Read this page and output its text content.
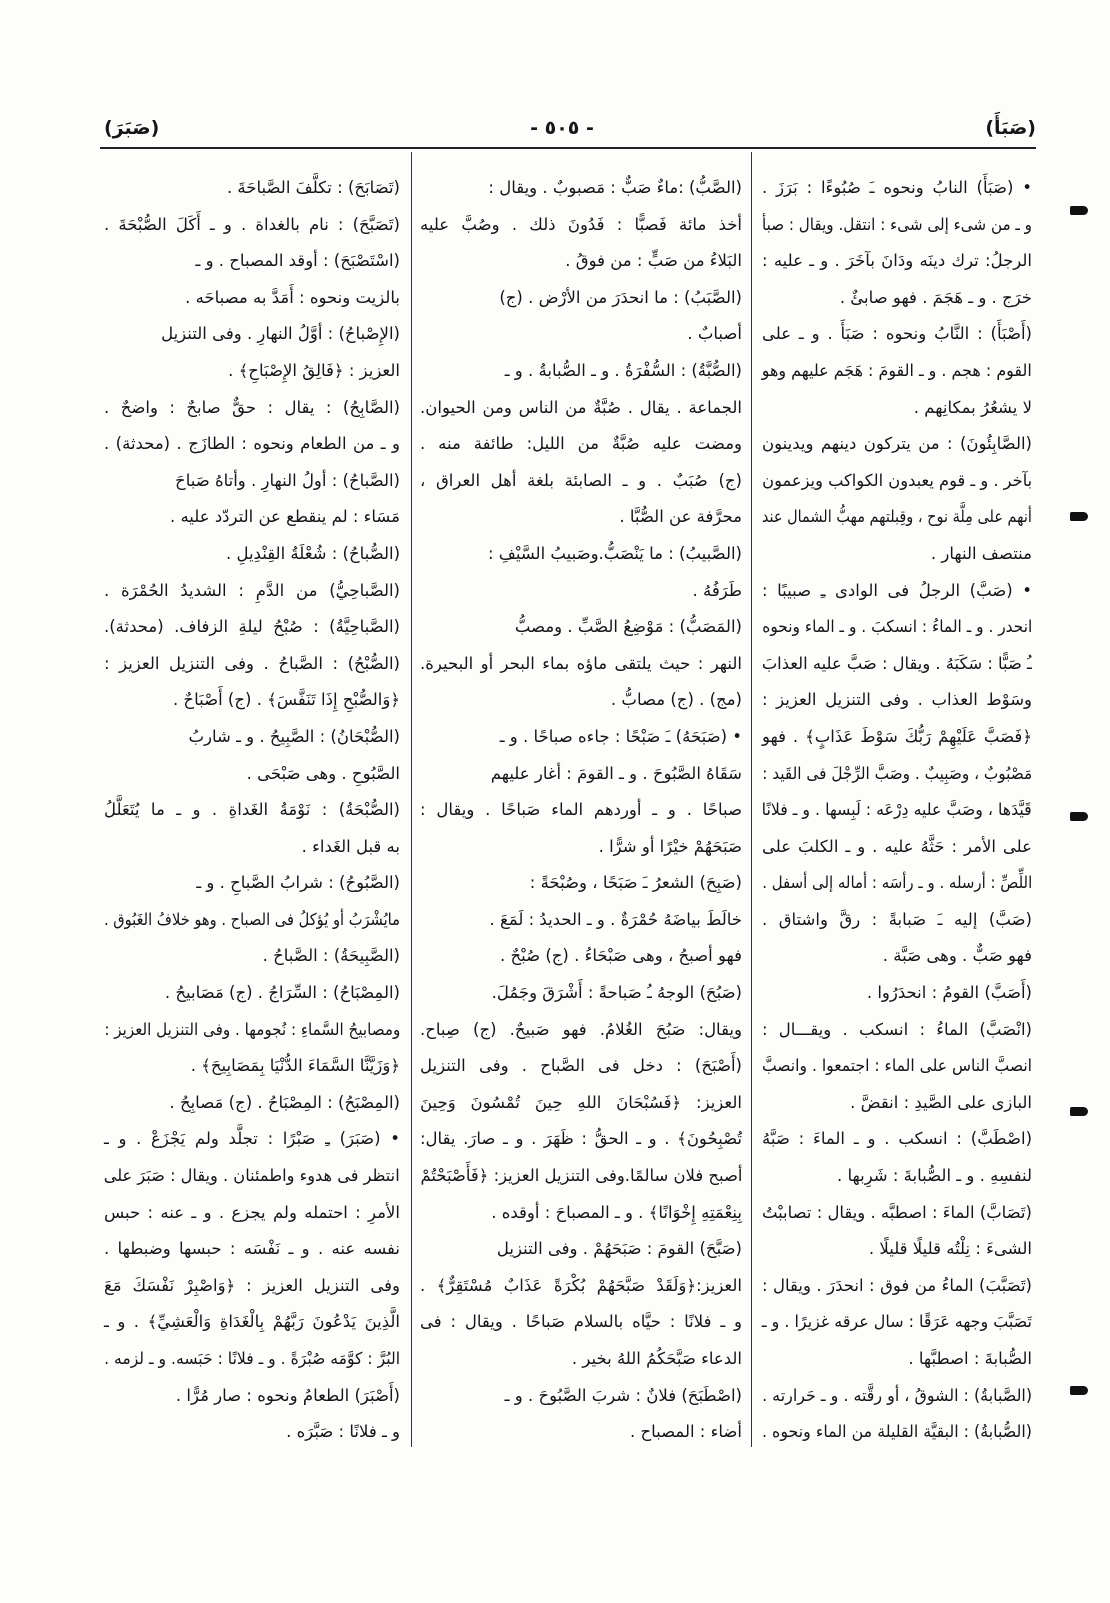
(صَبَأَ)
- ٥٠٥ -
(صَبَرَ)
• (صَبَأَ) النابُ ونحوه ـَ صُبُوءًا : بَرَزَ .
و ـ من شىء إلى شىء : انتقل. ويقال : صبأ
الرجلُ: ترك دينَه ودَانَ بآخَرَ . و ـ عليه :
خرَج . و ـ هَجَمَ . فهو صابئٌ .
(أَصْبَأَ) : النَّابُ ونحوه : صَبَأَ . و ـ على
القوم : هجم . و ـ القومَ : هَجَم عليهم وهو
لا يشعُرُ بمكانِهم .
(الصَّابِئُونَ) : من يتركون دينهم ويدينون
بآخر . و ـ قوم يعبدون الكواكب ويزعمون
أنهم على مِلَّة نوح ، وقِبلتهم مهبُّ الشمال عند
منتصف النهار .
• (صَبَّ) الرجلُ فى الوادى ـِ صبيبًا :
انحدر . و ـ الماءُ : انسكبَ . و ـ الماء ونحوه
ـُ صَبًّا : سَكَبَهُ . ويقال : صَبَّ عليه العذابَ
وسَوْط العذاب . وفى التنزيل العزيز :
﴿فَصَبَّ عَلَيْهِمْ رَبُّكَ سَوْطَ عَذَابٍ﴾ . فهو
مَصْبُوبٌ ، وصَبِيبٌ . وصَبَّ الرِّجْلَ فى القَيد :
قَيَّدَها ، وصَبَّ عليه دِرْعَه : لَبِسها . و ـ فلانًا
على الأمر : حَثَّهُ عليه . و ـ الكلبَ على
اللِّصِّ : أرسله . و ـ رأسَه : أماله إلى أسفل .
(صَبَّ) إليه ـَ صَبابةً : رقَّ واشتاق .
فهو صَبٌّ . وهى صَبَّة .
(أَصَبَّ) القومُ : انحدَرُوا .
(انْصَبَّ) الماءُ : انسكب . ويقـــال :
انصبَّ الناس على الماء : اجتمعوا . وانصبَّ
البازى على الصَّيدِ : انقضَّ .
(اصْطَبَّ) : انسكب . و ـ الماءَ : صَبَّهُ
لنفسِهِ . و ـ الصُّبابةَ : شَرِبها .
(تَصَابَّ) الماءَ : اصطبَّه . ويقال : تصاببْتُ
الشىءَ : نِلْتُه قليلًا قليلًا .
(تَصَبَّبَ) الماءُ من فوق : انحدَرَ . ويقال :
تَصَبَّبَ وجهه عَرَقًا : سال عرقه غزيرًا . و ـ
الصُّبابةَ : اصطبَّها .
(الصَّبابةُ) : الشوقُ ، أو رقَّته . و ـ حَرارته .
(الصُّبابةُ) : البقيَّة القليلة من الماء ونحوه .
(الصَّبُّ) :ماءٌ صَبٌّ : مَصبوبٌ . ويقال :
أخذ مائة فَصبًّا : فَدُونَ ذلك . وصُبَّ عليه
البَلاءُ من صَبٍّ : من فوقُ .
(الصَّبَبُ) : ما انحدَرَ من الأرْض . (ج)
أصبابٌ .
(الصُّبَّةُ) : السُّفْرَةُ . و ـ الصُّبابةُ . و ـ
الجماعة . يقال . صُبَّةٌ من الناس ومن الحيوان.
ومضت عليه صُبَّةٌ من الليل: طائفة منه .
(ج) صُبَبٌ . و ـ الصابئة بلغة أهل العراق ،
محرَّفة عن الصُّبَّا .
(الصَّبيبُ) : ما يَنْصَبُّ.وصَبيبُ السَّيْفِ :
طَرَفُهُ .
(المَصَبُّ) : مَوْضِعُ الصَّبِّ . ومصبُّ
النهر : حيث يلتقى ماؤه بماء البحر أو البحيرة.
(مج) . (ج) مصابُّ .
• (صَبَحَهُ) ـَ صَبْحًا : جاءه صباحًا . و ـ
سَقَاهُ الصَّبُوحَ . و ـ القومَ : أغار عليهم
صباحًا . و ـ أوردهم الماء صَباحًا . ويقال :
صَبَحَهُمْ خيْرًا أو شرًّا .
(صَبِحَ) الشعرُ ـَ صَبَحًا ، وصُبْحَةً :
خالَطَ بياضَهُ حُمْرَةٌ . و ـ الحديدُ : لَمَعَ .
فهو أصبحُ ، وهى صَبْحَاءُ . (ج) صُبْحٌ .
(صَبُحَ) الوجهُ ـُ صَباحةً : أَشْرَقَ وجَمُلَ.
ويقال: صَبُحَ الغُلامُ. فهو صَبيحٌ. (ج) صِباح.
(أَصْبَحَ) : دخل فى الصَّباح . وفى التنزيل
العزيز: ﴿فَسُبْحَانَ اللهِ حِينَ تُمْسُونَ وَحِينَ
تُصْبِحُونَ﴾ . و ـ الحقُّ : ظَهَرَ . و ـ صارَ. يقال:
أصبح فلان سالمًا.وفى التنزيل العزيز: ﴿فَأَصْبَحْتُمْ
بِنِعْمَتِهِ إِخْوَانًا﴾ . و ـ المصباحَ : أوقده .
(صَبَّحَ) القومَ : صَبَحَهُمْ . وفى التنزيل
العزيز:﴿وَلَقَدْ صَبَّحَهُمْ بُكْرَةً عَذَابٌ مُسْتَقِرٌّ﴾ .
و ـ فلانًا : حيَّاه بالسلام صَباحًا . ويقال : فى
الدعاء صَبَّحَكُمُ اللهُ بخير .
(اصْطَبَحَ) فلانٌ : شربَ الصَّبُوحَ . و ـ
أضاء : المصباح .
(تَصَابَحَ) : تكلَّفَ الصَّباحَةَ .
(تَصَبَّحَ) : نام بالغداة . و ـ أَكَلَ الصُّبْحَةَ .
(اسْتَصْبَحَ) : أوقد المصباح . و ـ
بالزيت ونحوه : أَمَدَّ به مصباحَه .
(الإِصْباحُ) : أوَّلُ النهارِ . وفى التنزيل
العزيز : ﴿فَالِقُ الإِصْبَاحِ﴾ .
(الصَّابِحُ) : يقال : حقٌّ صابحٌ : واضحٌ .
و ـ من الطعام ونحوه : الطازَج . (محدثة) .
(الصَّباحُ) : أولُ النهارِ . وأتاهُ صَباحَ
مَسَاء : لم ينقطع عن التردّد عليه .
(الصُّباحُ) : شُعْلَةُ القِنْدِيلِ .
(الصَّباحِيُّ) من الدَّمِ : الشديدُ الحُمْرَة .
(الصَّباحِيَّةُ) : صُبْحُ ليلةِ الزفاف. (محدثة).
(الصُّبْحُ) : الصَّباحُ . وفى التنزيل العزيز :
﴿وَالصُّبْحِ إِذَا تَنَفَّسَ﴾ . (ج) أَصْبَاحٌ .
(الصُّبْحَانُ) : الصَّبِيحُ . و ـ شاربُ
الصَّبُوحِ . وهى صَبْحَى .
(الصُّبْحَةُ) : نَوْمَةُ الغَداةِ . و ـ ما يُتَعَلَّلُ
به قبل الغَداء .
(الصَّبُوحُ) : شرابُ الصَّباحِ . و ـ
مايُشْرَبُ أو يُؤكلُ فى الصباح . وهو خلافُ الغَبُوق .
(الصَّبِيحَةُ) : الصَّباحُ .
(المِصْبَاحُ) : السِّرَاجُ . (ج) مَصَابيحُ .
ومصابيحُ السَّماءِ : نُجومها . وفى التنزيل العزيز :
﴿وَزَيَّنَّا السَّمَاءَ الدُّنْيَا بِمَصَابِيحَ﴾ .
(المِصْبَحُ) : المِصْبَاحُ . (ج) مَصابِحُ .
• (صَبَرَ) ـِ صَبْرًا : تجلَّد ولم يَجْزَعْ . و ـ
انتظر فى هدوء واطمئنان . ويقال : صَبَرَ على
الأمرِ : احتمله ولم يجزع . و ـ عنه : حبس
نفسه عنه . و ـ نَفْسَه : حبسها وضبطها .
وفى التنزيل العزيز : ﴿وَاصْبِرْ نَفْسَكَ مَعَ
الَّذِينَ يَدْعُونَ رَبَّهُمْ بِالْغَدَاةِ وَالْعَشِيِّ﴾ . و ـ
البُرَّ : كوَّمَه صُبْرَةً . و ـ فلانًا : حَبَسه. و ـ لزمه .
(أَصْبَرَ) الطعامُ ونحوه : صار مُرًّا .
و ـ فلانًا : صَبَّرَه .
